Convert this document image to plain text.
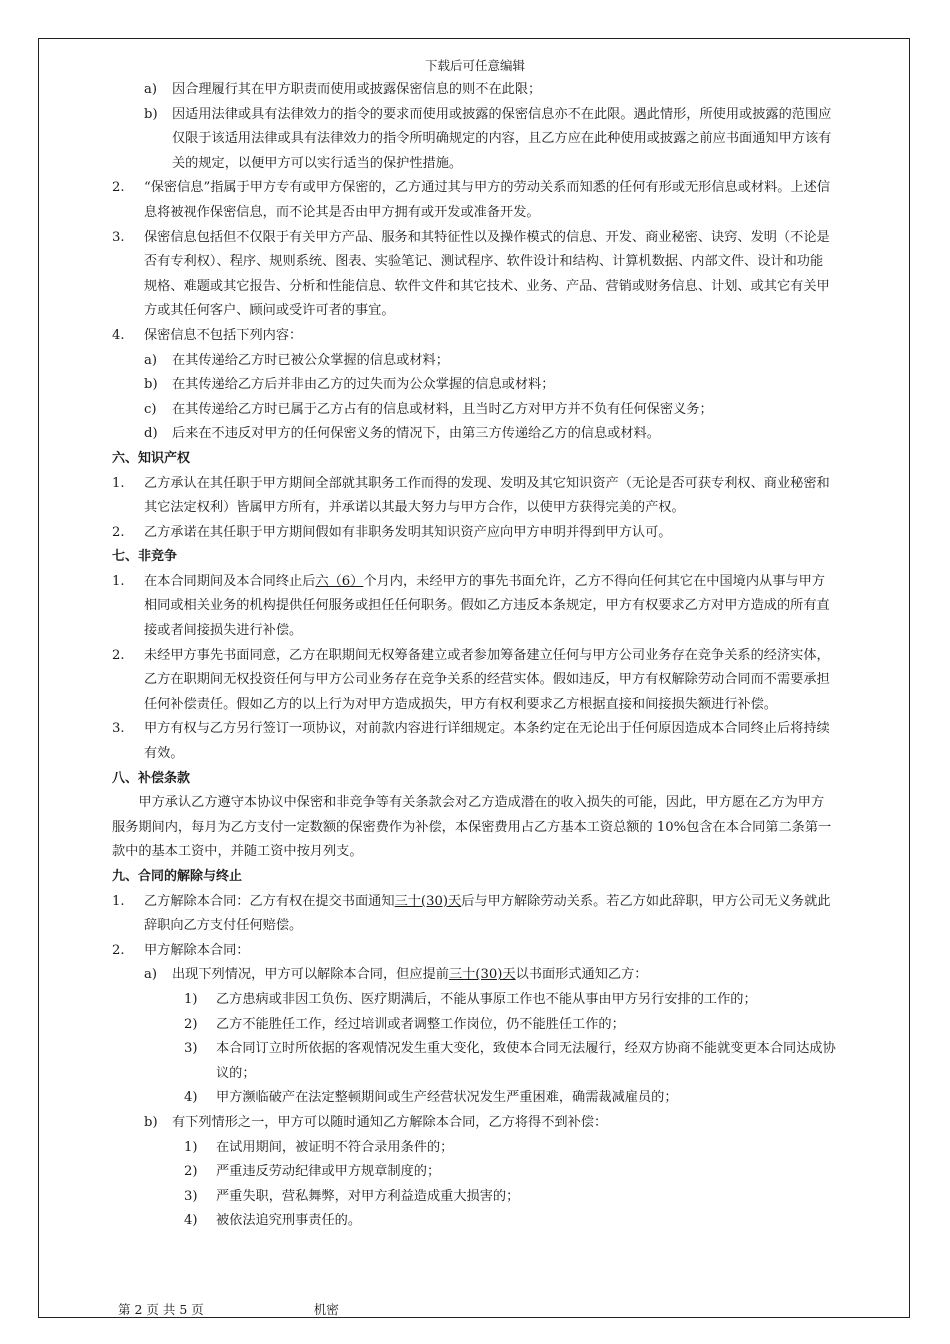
下载后可任意编辑
a) 因合理履行其在甲方职责而使用或披露保密信息的则不在此限；
b) 因适用法律或具有法律效力的指令的要求而使用或披露的保密信息亦不在此限。遇此情形，所使用或披露的范围应仅限于该适用法律或具有法律效力的指令所明确规定的内容，且乙方应在此种使用或披露之前应书面通知甲方该有关的规定，以便甲方可以实行适当的保护性措施。
2. “保密信息”指属于甲方专有或甲方保密的，乙方通过其与甲方的劳动关系而知悉的任何有形或无形信息或材料。上述信息将被视作保密信息，而不论其是否由甲方拥有或开发或准备开发。
3. 保密信息包括但不仅限于有关甲方产品、服务和其特征性以及操作模式的信息、开发、商业秘密、诀窍、发明（不论是否有专利权）、程序、规则系统、图表、实验笔记、测试程序、软件设计和结构、计算机数据、内部文件、设计和功能规格、难题或其它报告、分析和性能信息、软件文件和其它技术、业务、产品、营销或财务信息、计划、或其它有关甲方或其任何客户、顾问或受许可者的事宜。
4. 保密信息不包括下列内容：
a) 在其传递给乙方时已被公众掌握的信息或材料；
b) 在其传递给乙方后并非由乙方的过失而为公众掌握的信息或材料；
c) 在其传递给乙方时已属于乙方占有的信息或材料，且当时乙方对甲方并不负有任何保密义务；
d) 后来在不违反对甲方的任何保密义务的情况下，由第三方传递给乙方的信息或材料。
六、知识产权
1. 乙方承认在其任职于甲方期间全部就其职务工作而得的发现、发明及其它知识资产（无论是否可获专利权、商业秘密和其它法定权利）皆属甲方所有，并承诺以其最大努力与甲方合作，以使甲方获得完美的产权。
2. 乙方承诺在其任职于甲方期间假如有非职务发明其知识资产应向甲方申明并得到甲方认可。
七、非竞争
1. 在本合同期间及本合同终止后六（6）个月内，未经甲方的事先书面允许，乙方不得向任何其它在中国境内从事与甲方相同或相关业务的机构提供任何服务或担任任何职务。假如乙方违反本条规定，甲方有权要求乙方对甲方造成的所有直接或者间接损失进行补偿。
2. 未经甲方事先书面同意，乙方在职期间无权筹备建立或者参加筹备建立任何与甲方公司业务存在竞争关系的经济实体，乙方在职期间无权投资任何与甲方公司业务存在竞争关系的经营实体。假如违反，甲方有权解除劳动合同而不需要承担任何补偿责任。假如乙方的以上行为对甲方造成损失，甲方有权利要求乙方根据直接和间接损失额进行补偿。
3. 甲方有权与乙方另行签订一项协议，对前款内容进行详细规定。本条约定在无论出于任何原因造成本合同终止后将持续有效。
八、补偿条款
甲方承认乙方遵守本协议中保密和非竞争等有关条款会对乙方造成潜在的收入损失的可能，因此，甲方愿在乙方为甲方服务期间内，每月为乙方支付一定数额的保密费作为补偿，本保密费用占乙方基本工资总额的 10%包含在本合同第二条第一款中的基本工资中，并随工资中按月列支。
九、合同的解除与终止
1. 乙方解除本合同：乙方有权在提交书面通知三十(30)天后与甲方解除劳动关系。若乙方如此辞职，甲方公司无义务就此辞职向乙方支付任何赔偿。
2. 甲方解除本合同：
a) 出现下列情况，甲方可以解除本合同，但应提前三十(30)天以书面形式通知乙方：
1) 乙方患病或非因工负伤、医疗期满后，不能从事原工作也不能从事由甲方另行安排的工作的；
2) 乙方不能胜任工作，经过培训或者调整工作岗位，仍不能胜任工作的；
3) 本合同订立时所依据的客观情况发生重大变化，致使本合同无法履行，经双方协商不能就变更本合同达成协议的；
4) 甲方濒临破产在法定整顿期间或生产经营状况发生严重困难，确需裁减雇员的；
b) 有下列情形之一，甲方可以随时通知乙方解除本合同，乙方将得不到补偿：
1) 在试用期间，被证明不符合录用条件的；
2) 严重违反劳动纪律或甲方规章制度的；
3) 严重失职，营私舞弊，对甲方利益造成重大损害的；
4) 被依法追究刑事责任的。
第 2 页 共 5 页	机密
